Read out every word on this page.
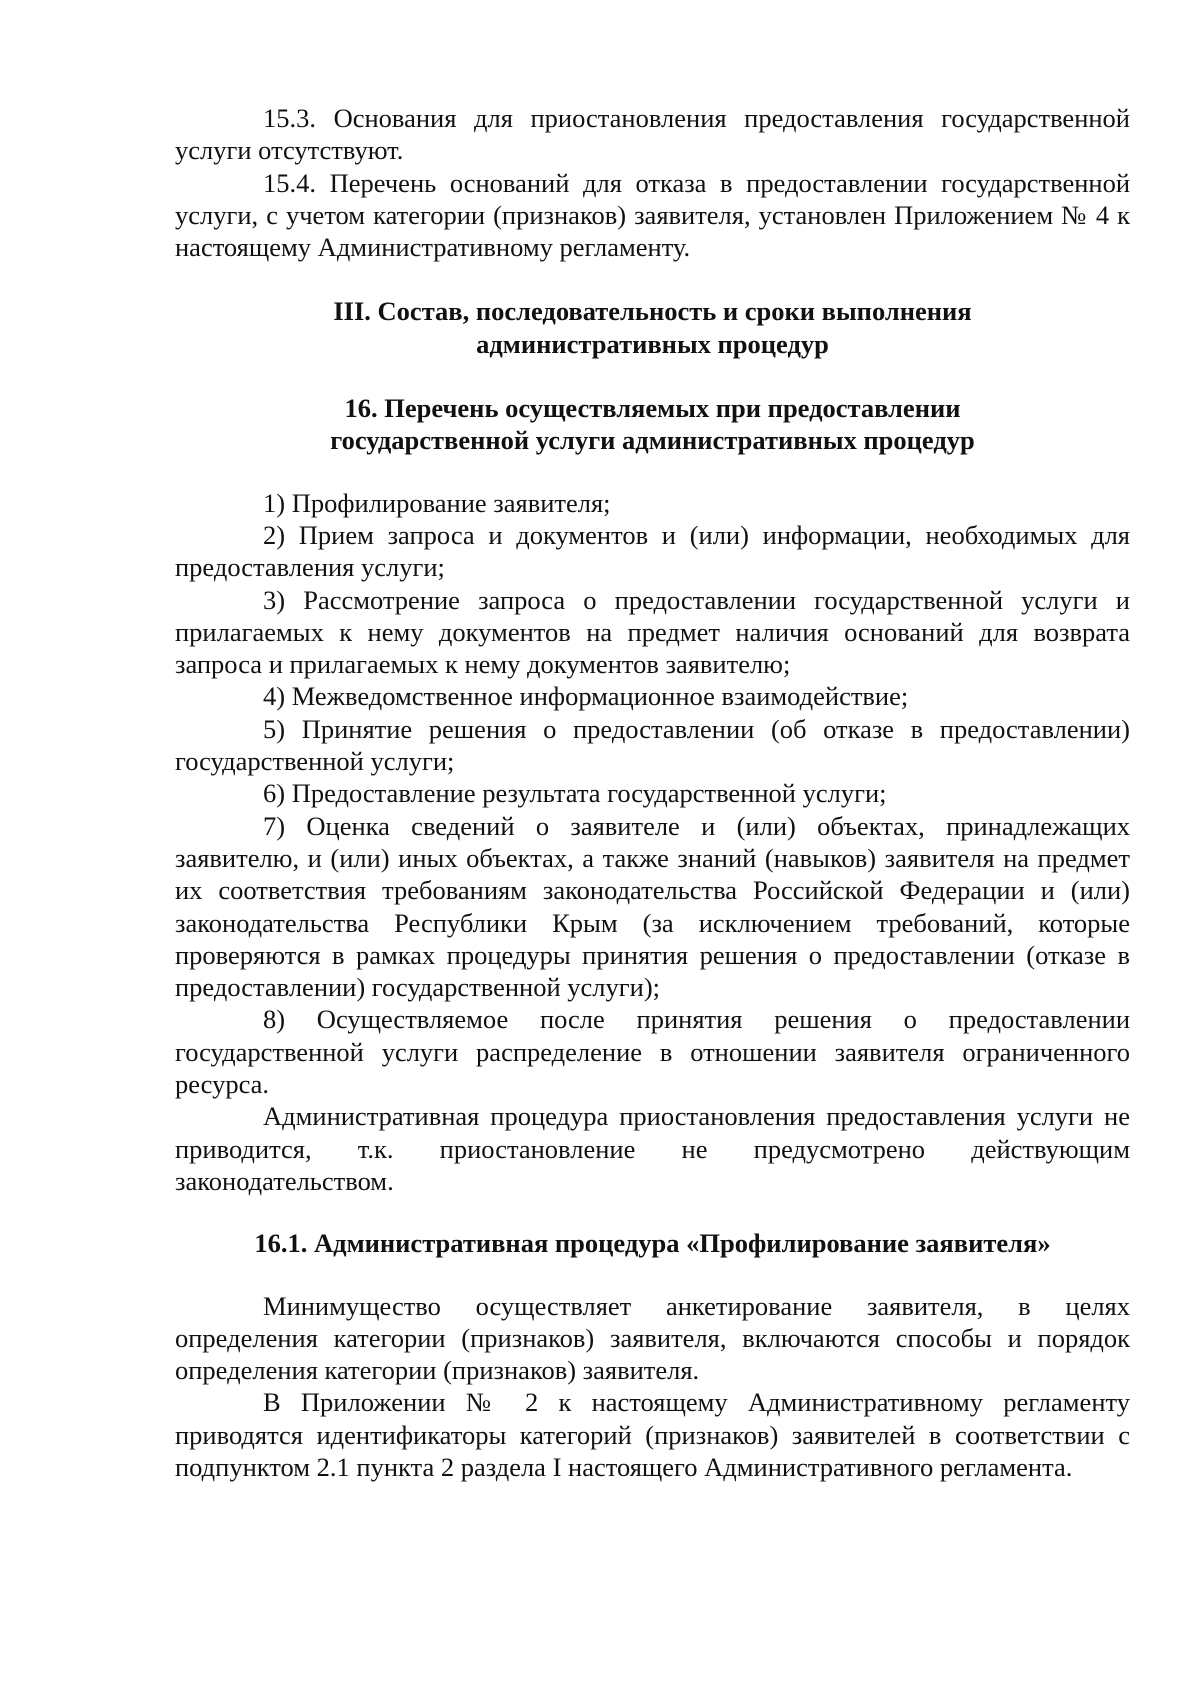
15.3. Основания для приостановления предоставления государственной услуги отсутствуют.

15.4. Перечень оснований для отказа в предоставлении государственной услуги, с учетом категории (признаков) заявителя, установлен Приложением № 4 к настоящему Административному регламенту.

III. Состав, последовательность и сроки выполнения
административных процедур
16. Перечень осуществляемых при предоставлении
государственной услуги административных процедур

1) Профилирование заявителя;

2) Прием запроса и документов и (или) информации, необходимых для предоставления услуги;

3) Рассмотрение запроса о предоставлении государственной услуги и прилагаемых к нему документов на предмет наличия оснований для возврата запроса и прилагаемых к нему документов заявителю;

4) Межведомственное информационное взаимодействие;

5) Принятие решения о предоставлении (об отказе в предоставлении) государственной услуги;

6) Предоставление результата государственной услуги;

7) Оценка сведений о заявителе и (или) объектах, принадлежащих заявителю, и (или) иных объектах, а также знаний (навыков) заявителя на предмет их соответствия требованиям законодательства Российской Федерации и (или) законодательства Республики Крым (за исключением требований, которые проверяются в рамках процедуры принятия решения о предоставлении (отказе в предоставлении) государственной услуги);

8) Осуществляемое после принятия решения о предоставлении государственной услуги распределение в отношении заявителя ограниченного ресурса.

Административная процедура приостановления предоставления услуги не приводится, т.к. приостановление не предусмотрено действующим законодательством.

16.1. Административная процедура «Профилирование заявителя»

Минимущество осуществляет анкетирование заявителя, в целях определения категории (признаков) заявителя, включаются способы и порядок определения категории (признаков) заявителя.

В Приложении № 2 к настоящему Административному регламенту приводятся идентификаторы категорий (признаков) заявителей в соответствии с подпунктом 2.1 пункта 2 раздела I настоящего Административного регламента.
